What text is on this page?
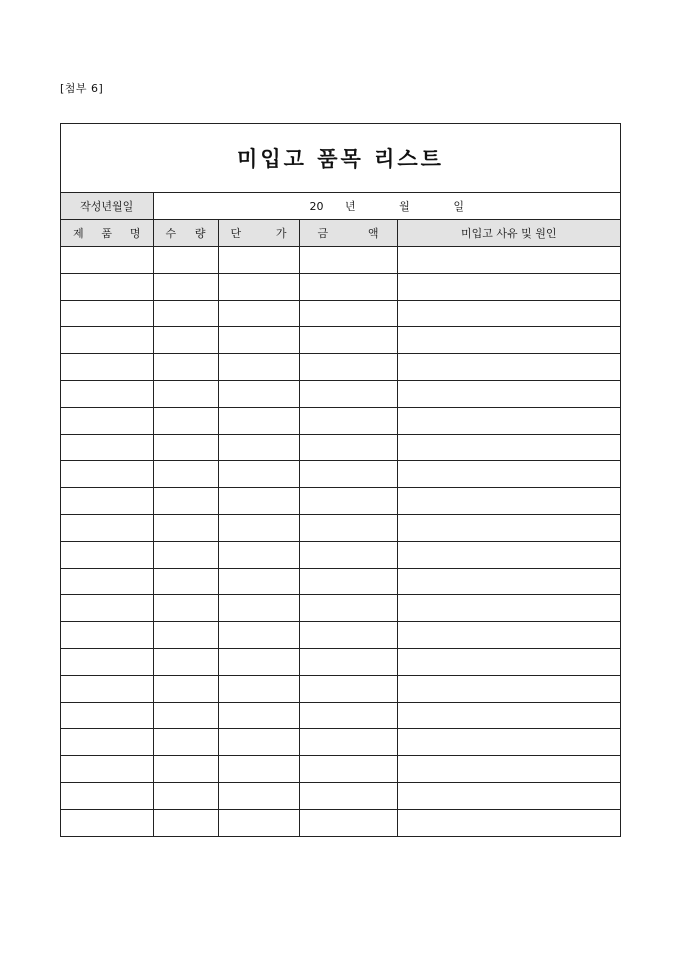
[첨부 6]
미입고 품목 리스트
작성년월일	20 년 월 일			

제 품 명	수 량	단 가	금 액	미입고 사유 및 원인
